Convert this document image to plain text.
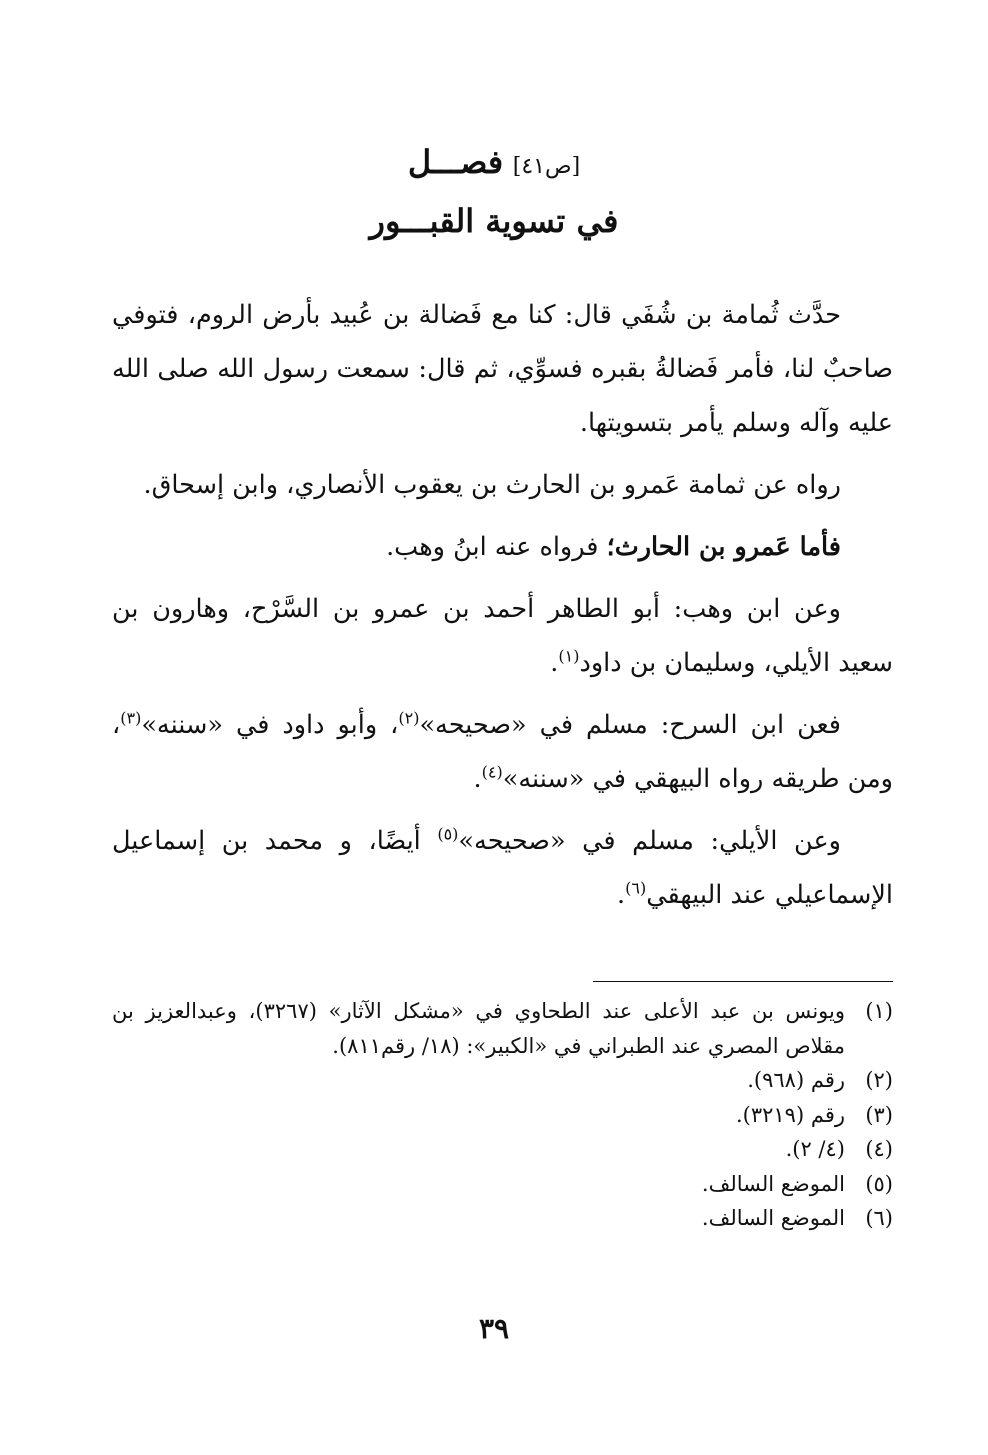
[ص٤١] فصـــل
في تسوية القبـــور

حدَّث ثُمامة بن شُفَي قال: كنا مع فَضالة بن عُبيد بأرض الروم، فتوفي صاحبٌ لنا، فأمر فَضالةُ بقبره فسوِّي، ثم قال: سمعت رسول الله صلى الله عليه وآله وسلم يأمر بتسويتها.

رواه عن ثمامة عَمرو بن الحارث بن يعقوب الأنصاري، وابن إسحاق.

فأما عَمرو بن الحارث؛ فرواه عنه ابنُ وهب.

وعن ابن وهب: أبو الطاهر أحمد بن عمرو بن السَّرْح، وهارون بن سعيد الأيلي، وسليمان بن داود$^{(١)}$.

فعن ابن السرح: مسلم في «صحيحه»$^{(٢)}$، وأبو داود في «سننه»$^{(٣)}$، ومن طريقه رواه البيهقي في «سننه»$^{(٤)}$.

وعن الأيلي: مسلم في «صحيحه»$^{(٥)}$ أيضًا، و محمد بن إسماعيل الإسماعيلي عند البيهقي$^{(٦)}$.

(١)
ويونس بن عبد الأعلى عند الطحاوي في «مشكل الآثار» (٣٢٦٧)، وعبدالعزيز بن مقلاص المصري عند الطبراني في «الكبير»: (١٨/ رقم٨١١).
(٢)
رقم (٩٦٨).
(٣)
رقم (٣٢١٩).
(٤)
(٤/ ٢).
(٥)
الموضع السالف.
(٦)
الموضع السالف.
٣٩
